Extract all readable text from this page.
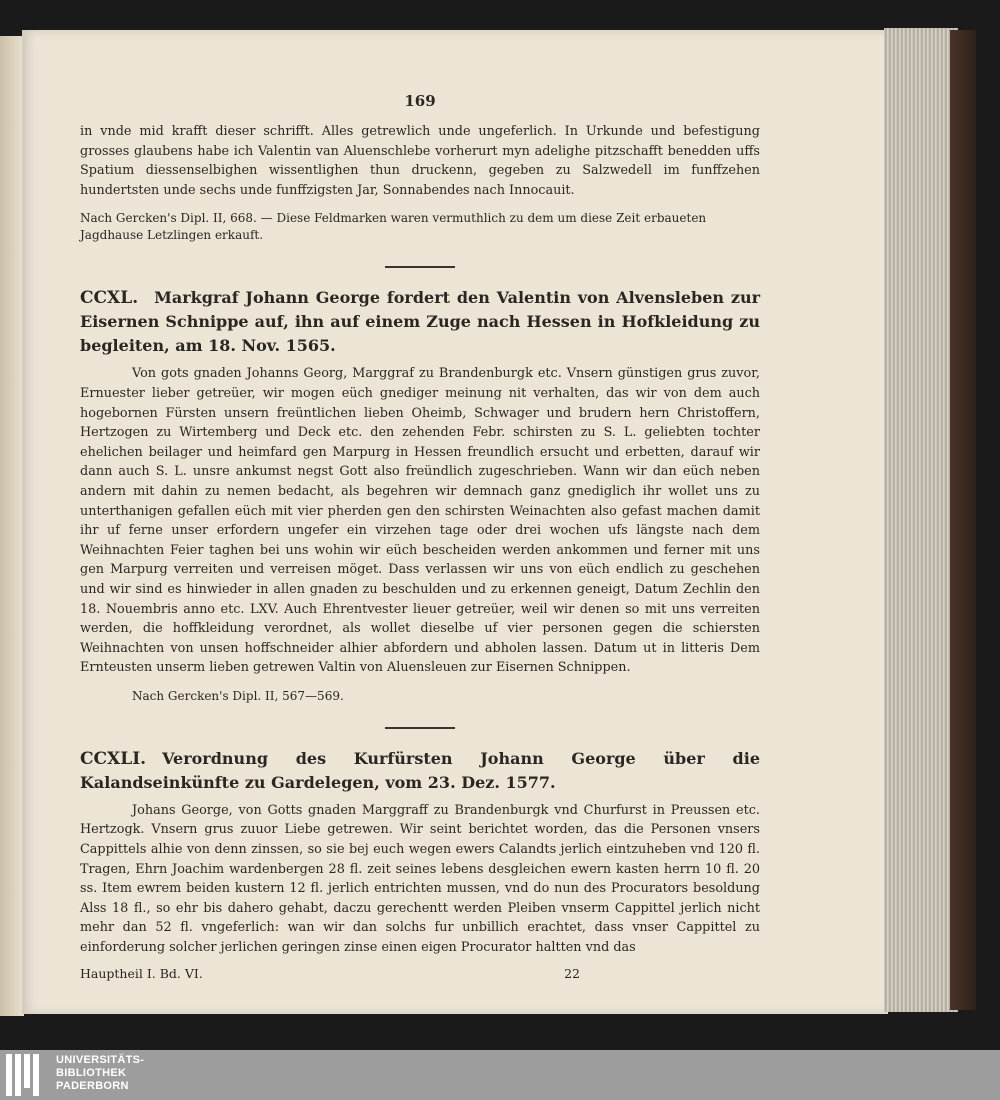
169

in vnde mid krafft dieser schrifft. Alles getrewlich unde ungeferlich. In Urkunde und befestigung grosses glaubens habe ich Valentin van Aluenschlebe vorherurt myn adelighe pitzschafft benedden uffs Spatium diessenselbighen wissentlighen thun druckenn, gegeben zu Salzwedell im funffzehen hundertsten unde sechs unde funffzigsten Jar, Sonnabendes nach Innocauit.

Nach Gercken's Dipl. II, 668. — Diese Feldmarken waren vermuthlich zu dem um diese Zeit erbaueten Jagdhause Letzlingen erkauft.

CCXL. Markgraf Johann George fordert den Valentin von Alvensleben zur Eisernen Schnippe auf, ihn auf einem Zuge nach Hessen in Hofkleidung zu begleiten, am 18. Nov. 1565.

Von gots gnaden Johanns Georg, Marggraf zu Brandenburgk etc. Vnsern günstigen grus zuvor, Ernuester lieber getreüer, wir mogen eüch gnediger meinung nit verhalten, das wir von dem auch hogebornen Fürsten unsern freüntlichen lieben Oheimb, Schwager und brudern hern Christoffern, Hertzogen zu Wirtemberg und Deck etc. den zehenden Febr. schirsten zu S. L. geliebten tochter ehelichen beilager und heimfard gen Marpurg in Hessen freundlich ersucht und erbetten, darauf wir dann auch S. L. unsre ankumst negst Gott also freündlich zugeschrieben. Wann wir dan eüch neben andern mit dahin zu nemen bedacht, als begehren wir demnach ganz gnediglich ihr wollet uns zu unterthanigen gefallen eüch mit vier pherden gen den schirsten Weinachten also gefast machen damit ihr uf ferne unser erfordern ungefer ein virzehen tage oder drei wochen ufs längste nach dem Weihnachten Feier taghen bei uns wohin wir eüch bescheiden werden ankommen und ferner mit uns gen Marpurg verreiten und verreisen möget. Dass verlassen wir uns von eüch endlich zu geschehen und wir sind es hinwieder in allen gnaden zu beschulden und zu erkennen geneigt, Datum Zechlin den 18. Nouembris anno etc. LXV. Auch Ehrentvester lieuer getreüer, weil wir denen so mit uns verreiten werden, die hoffkleidung verordnet, als wollet dieselbe uf vier personen gegen die schiersten Weihnachten von unsen hoffschneider alhier abfordern und abholen lassen. Datum ut in litteris Dem Ernteusten unserm lieben getrewen Valtin von Aluensleuen zur Eisernen Schnippen.

Nach Gercken's Dipl. II, 567—569.

CCXLI. Verordnung des Kurfürsten Johann George über die Kalandseinkünfte zu Gardelegen, vom 23. Dez. 1577.

Johans George, von Gotts gnaden Marggraff zu Brandenburgk vnd Churfurst in Preussen etc. Hertzogk. Vnsern grus zuuor Liebe getrewen. Wir seint berichtet worden, das die Personen vnsers Cappittels alhie von denn zinssen, so sie bej euch wegen ewers Calandts jerlich eintzuheben vnd 120 fl. Tragen, Ehrn Joachim wardenbergen 28 fl. zeit seines lebens desgleichen ewern kasten herrn 10 fl. 20 ss. Item ewrem beiden kustern 12 fl. jerlich entrichten mussen, vnd do nun des Procurators besoldung Alss 18 fl., so ehr bis dahero gehabt, daczu gerechentt werden Pleiben vnserm Cappittel jerlich nicht mehr dan 52 fl. vngeferlich: wan wir dan solchs fur unbillich erachtet, dass vnser Cappittel zu einforderung solcher jerlichen geringen zinse einen eigen Procurator haltten vnd das

Hauptheil I. Bd. VI.	22
UNIVERSITÄTS-
BIBLIOTHEK
PADERBORN
